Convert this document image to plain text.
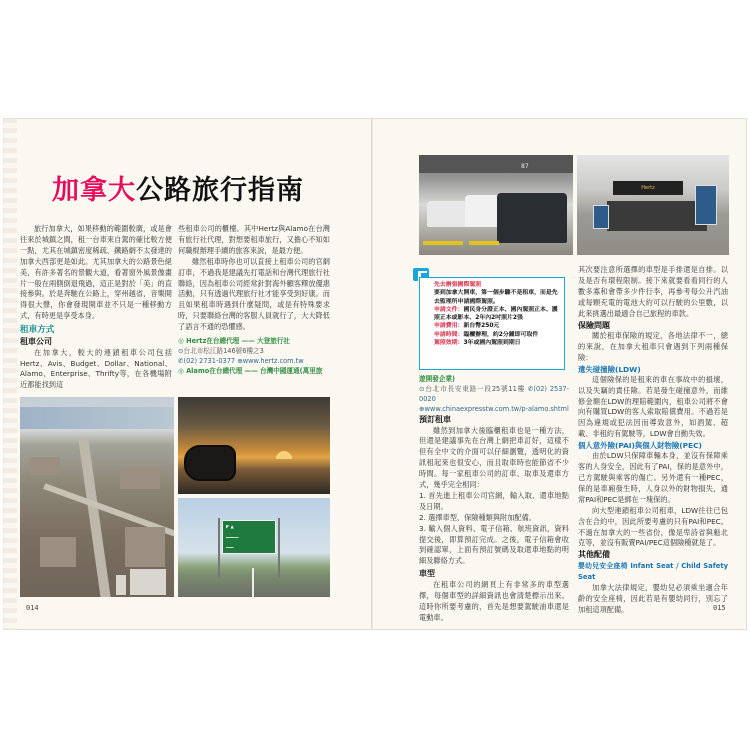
加拿大公路旅行指南

旅行加拿大，如果移動的範圍較廣，或是會往來於城鎮之間，租一台車來自駕的確比較方便一點，尤其在城鎮密度稀疏、鐵路網不太發達的加拿大西部更是如此。尤其加拿大的公路景色絕美，有許多著名的景觀大道，看著窗外風景像畫片一般在兩側倒退飛過，這正是對於「美」的直接參與。於是奔馳在公路上，穿州越省，音樂開得很大聲，你會發現開車並不只是一種移動方式，有時更是享受本身。

租車方式
租車公司

在加拿大，較大的連鎖租車公司包括Hertz、Avis、Budget、Dollar、National、Alamo、Enterprise、Thrifty等，在各機場附近都能找到這

些租車公司的櫃檯。其中Hertz與Alamo在台灣有旅行社代理，對想要租車旅行，又擔心不知如何職棍辦理手續的旅客來說，是最方便。

雖然租車時你也可以直接上租車公司的官網訂車，不過我是建議先打電話和台灣代理旅行社聯絡，因為租車公司經常針對海外顧客釋放優惠活動，只有透過代理旅行社才能享受到好康。而且如果租車時遇到什麼疑問，或是有特殊要求時，只要聯絡台灣的客服人員就行了，大大降低了語言不通的恐懼感。

◎ Hertz在台總代理 —— 大登旅行社
⊙台北市松江路146號6樓之3
✆(02) 2731-0377 ⊕www.hertz.com.tw
◎ Alamo在台總代理 —— 台灣中國運通(萬里旅
◤ ▲
━━━━━
━━━
014
87
Hertz
先去辦張國際駕照
要到加拿大開車，第一個步驟不是租車，而是先去監理所申請國際駕照。
申請文件：國民身分證正本、國內駕照正本、護照正本或影本、2年內2吋照片2張
申請費用：新台幣250元
申請時間：臨櫃辦理，約2分鐘即可取件
駕照效期：3年或國內駕照到期日
遊開發企業)
⊙台北市長安東路一段25號11樓 ✆(02) 2537-0020
⊕www.chinaexpresstw.com.tw/p-alamo.shtml
預訂租車

雖然到加拿大後臨櫃租車也是一種方法，但還是建議事先在台灣上網把車訂好，這樣不但有全中文的介面可以仔細瀏覽，透明化的資訊租起來也很安心，而且取車時也能節省不少時間。每一家租車公司的訂車、取車及還車方式，幾乎完全相同：

1. 首先進上租車公司官網，輸入取、還車地點及日期。
2. 選擇車型、保險種類與附加配備。
3. 輸入個人資料、電子信箱、航班資訊，資料提交後，即算預訂完成。之後，電子信箱會收到確認單，上面有預訂號碼及取還車地點的明細及聯絡方式。
車型

在租車公司的網頁上有非常多的車型選擇，每個車型的詳細資訊也會清楚標示出來。這時你所要考慮的，首先是想要駕駛油車還是電動車。

其次要注意所選擇的車型是手排還是自排。以及是否有環程限制。接下來就要看看同行的人數多寡和會帶多少件行李，再參考每公升汽油或每顆充電的電池大約可以行駛的公里數，以此來挑選出最適合自己旅程的車款。

保險問題

關於租車保險的規定，各地法律不一，總的來說，在加拿大租車只會遇到下列兩種保險：

遺失碰撞險(LDW)

這個險保的是租來的車在事故中的損壞，以及失竊的責任險。若是發生碰撞意外，而維修金額在LDW的理賠範圍內，租車公司將不會向有購買LDW的客人索取賠償費用。不過若是因為違規或犯法因而導致意外，如酒駕、超載、非租約有駕駛等，LDW會自動失效。

個人意外險(PAI)與個人財物險(PEC)

由於LDW只保障車輛本身，並沒有保障乘客的人身安全，因此有了PAI，保的是意外中，己方駕駛與乘客的傷亡。另外還有一種PEC，保的是車廂發生時，人身以外的財物損失，通常PAI和PEC是綁在一塊保的。

向大型連鎖租車公司租車，LDW往往已包含在合約中，因此所要考慮的只有PAI和PEC。不過在加拿大的一些省份，像是卑詩省與魁北克等，並沒有販賣PAI/PEC這個險種就是了。

其他配備
嬰幼兒安全座椅 Infant Seat / Child Safety Seat

加拿大法律規定，嬰幼兒必須乘坐適合年齡的安全座椅，因此若是有嬰幼同行，別忘了加租這項配備。	015
